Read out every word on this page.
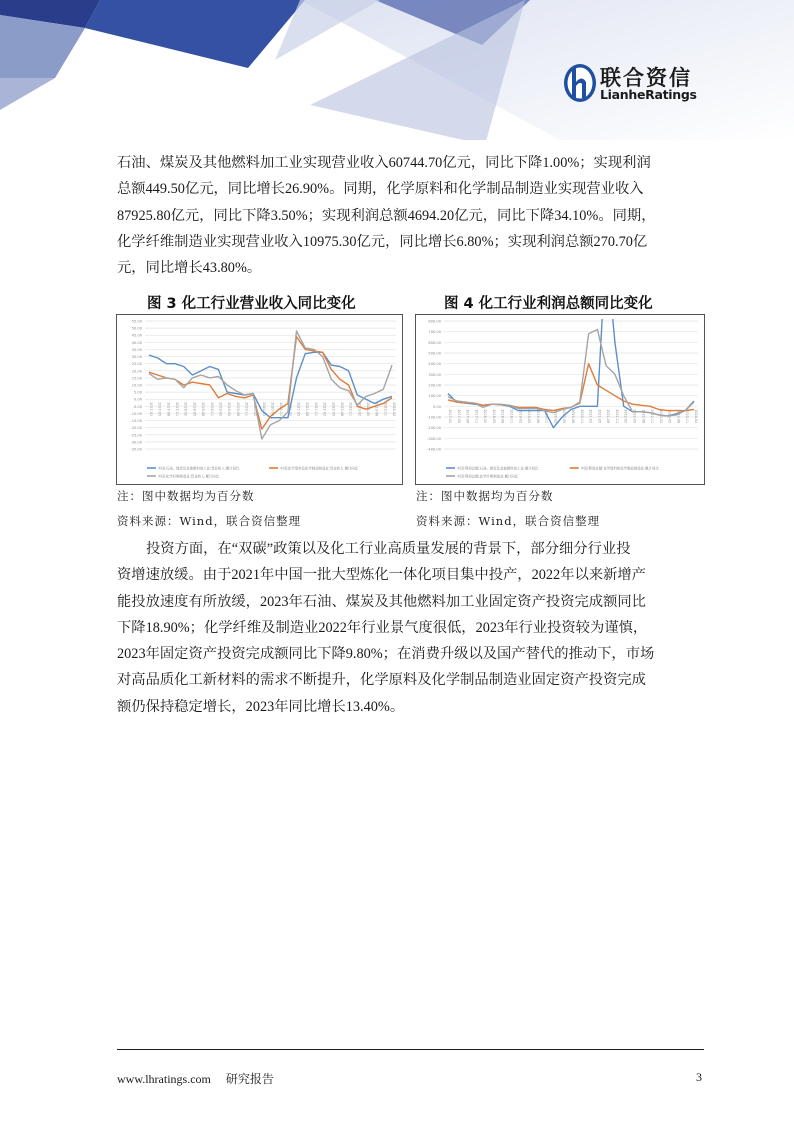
联合资信
LianheRatings

石油、煤炭及其他燃料加工业实现营业收入60744.70亿元，同比下降1.00%；实现利润

总额449.50亿元，同比增长26.90%。同期，化学原料和化学制品制造业实现营业收入

87925.80亿元，同比下降3.50%；实现利润总额4694.20亿元，同比下降34.10%。同期，

化学纤维制造业实现营业收入10975.30亿元，同比增长6.80%；实现利润总额270.70亿

元，同比增长43.80%。

图 3 化工行业营业收入同比变化	图 4 化工行业利润总额同比变化
55.00
50.00
45.00
40.00
35.00
30.00
25.00
20.00
15.00
10.00
5.00
0.00
-5.00
-10.00
-15.00
-20.00
-25.00
-30.00
-35.00
2017-02 2017-05 2017-08 2017-11 2018-02 2018-05 2018-08 2018-11 2019-02 2019-05 2019-08 2019-11 2020-02 2020-05 2020-08 2020-11 2021-02 2021-05 2021-08 2021-11 2022-02 2022-05 2022-08 2022-11 2023-02 2023-05 2023-08 2023-11 2024-02
中国:石油、煤炭及其他燃料加工业:营业收入:累计同比	中国:化学原料及化学制品制造业:营业收入:累计同比
中国:化学纤维制造业:营业收入:累计同比
800.00
700.00
600.00
500.00
400.00
300.00
200.00
100.00
0.00
-100.00
-200.00
-300.00
-400.00
2017-02 2017-05 2017-08 2017-11 2018-02 2018-05 2018-08 2018-11 2019-02 2019-05 2019-08 2019-11 2020-02 2020-05 2020-08 2020-11 2021-02 2021-05 2021-08 2021-11 2022-02 2022-05 2022-08 2022-11 2023-02 2023-05 2023-08 2023-11 2024-02
中国:利润总额:石油、煤炭及其他燃料加工业:累计同比	中国:利润总额:化学原料和化学制品制造业:累计同比
中国:利润总额:化学纤维制造业:累计同比
注：图中数据均为百分数
资料来源：Wind，联合资信整理
注：图中数据均为百分数
资料来源：Wind，联合资信整理

投资方面，在“双碳”政策以及化工行业高质量发展的背景下，部分细分行业投

资增速放缓。由于2021年中国一批大型炼化一体化项目集中投产，2022年以来新增产

能投放速度有所放缓，2023年石油、煤炭及其他燃料加工业固定资产投资完成额同比

下降18.90%；化学纤维及制造业2022年行业景气度很低，2023年行业投资较为谨慎，

2023年固定资产投资完成额同比下降9.80%；在消费升级以及国产替代的推动下，市场

对高品质化工新材料的需求不断提升，化学原料及化学制品制造业固定资产投资完成

额仍保持稳定增长，2023年同比增长13.40%。

www.lhratings.com 研究报告	3
